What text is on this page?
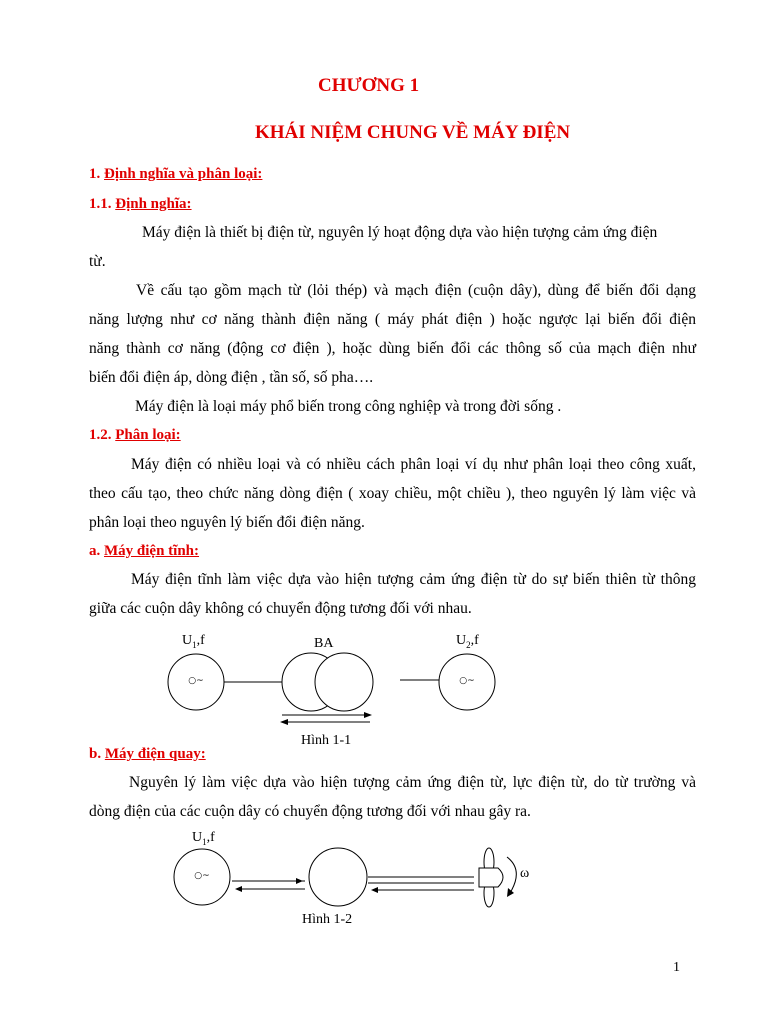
CHƯƠNG 1
KHÁI NIỆM CHUNG VỀ MÁY ĐIỆN
1. Định nghĩa và phân loại:
1.1. Định nghĩa:
Máy điện là thiết bị điện từ, nguyên lý hoạt động dựa vào hiện tượng cảm ứng điện
từ.
Về cấu tạo gồm mạch từ (lỏi thép) và mạch điện (cuộn dây), dùng để biến đổi dạng
năng lượng như cơ năng thành điện năng ( máy phát điện ) hoặc ngược lại biến đổi điện
năng thành cơ năng (động cơ điện ), hoặc dùng biến đổi các thông số của mạch điện như
biến đổi điện áp, dòng điện , tần số, số pha….
Máy điện là loại máy phổ biến trong công nghiệp và trong đời sống .
1.2. Phân loại:
Máy điện có nhiều loại và có nhiều cách phân loại ví dụ như phân loại theo công xuất,
theo cấu tạo, theo chức năng dòng điện ( xoay chiều, một chiều ), theo nguyên lý làm việc và
phân loại theo nguyên lý biến đổi điện năng.
a. Máy điện tĩnh:
Máy điện tĩnh làm việc dựa vào hiện tượng cảm ứng điện từ do sự biến thiên từ thông
giữa các cuộn dây không có chuyển động tương đối với nhau.
○~	○~
$U_1,f$	BA	$U_2,f$
Hình 1-1
b. Máy điện quay:
Nguyên lý làm việc dựa vào hiện tượng cảm ứng điện từ, lực điện từ, do từ trường và
dòng điện của các cuộn dây có chuyển động tương đối với nhau gây ra.
○~
$U_1,f$
ω
Hình 1-2
1
